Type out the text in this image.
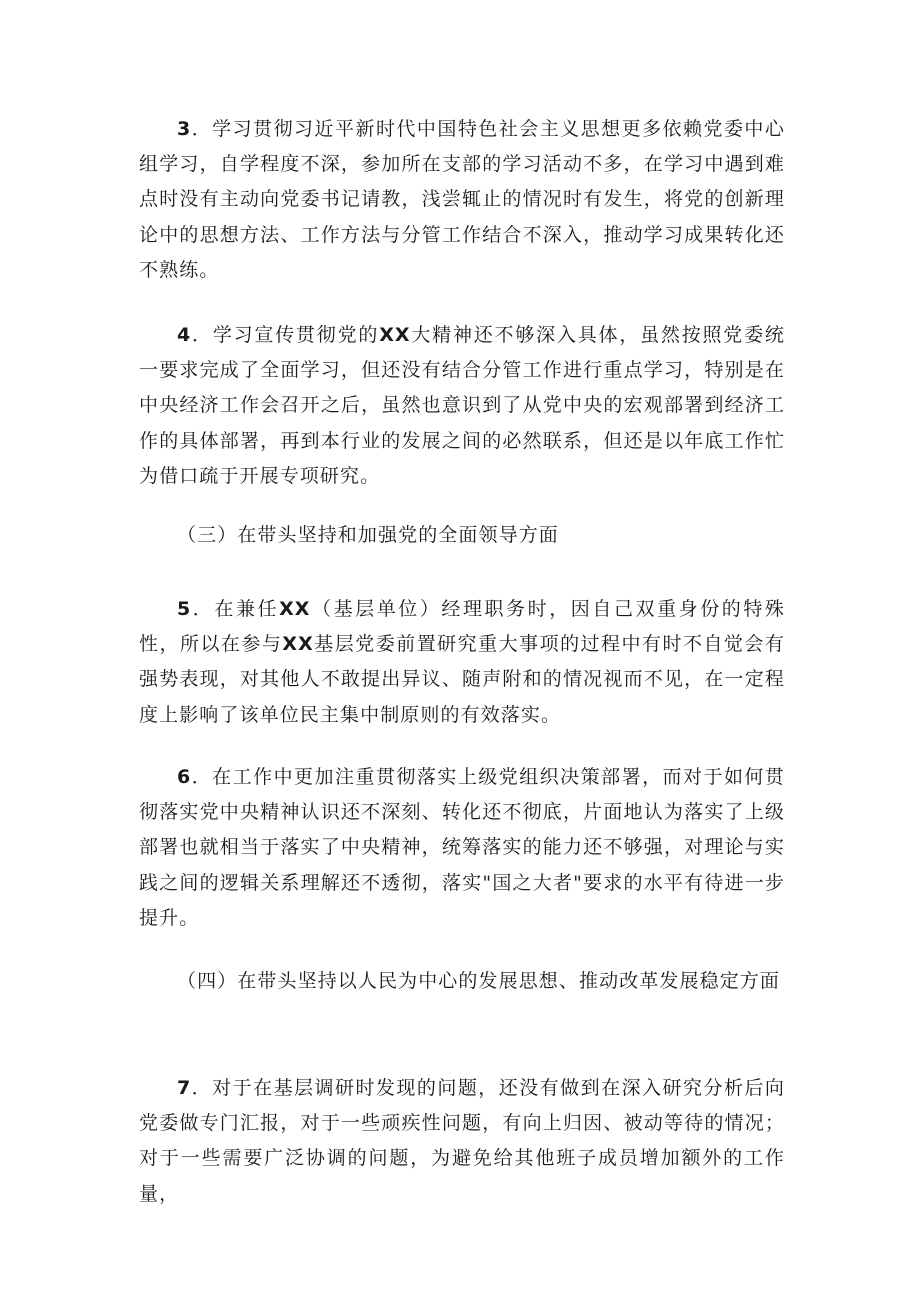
3．学习贯彻习近平新时代中国特色社会主义思想更多依赖党委中心组学习，自学程度不深，参加所在支部的学习活动不多，在学习中遇到难点时没有主动向党委书记请教，浅尝辄止的情况时有发生，将党的创新理论中的思想方法、工作方法与分管工作结合不深入，推动学习成果转化还不熟练。

4．学习宣传贯彻党的XX大精神还不够深入具体，虽然按照党委统一要求完成了全面学习，但还没有结合分管工作进行重点学习，特别是在中央经济工作会召开之后，虽然也意识到了从党中央的宏观部署到经济工作的具体部署，再到本行业的发展之间的必然联系，但还是以年底工作忙为借口疏于开展专项研究。

（三）在带头坚持和加强党的全面领导方面

5．在兼任XX（基层单位）经理职务时，因自己双重身份的特殊性，所以在参与XX基层党委前置研究重大事项的过程中有时不自觉会有强势表现，对其他人不敢提出异议、随声附和的情况视而不见，在一定程度上影响了该单位民主集中制原则的有效落实。

6．在工作中更加注重贯彻落实上级党组织决策部署，而对于如何贯彻落实党中央精神认识还不深刻、转化还不彻底，片面地认为落实了上级部署也就相当于落实了中央精神，统筹落实的能力还不够强，对理论与实践之间的逻辑关系理解还不透彻，落实"国之大者"要求的水平有待进一步提升。

（四）在带头坚持以人民为中心的发展思想、推动改革发展稳定方面

7．对于在基层调研时发现的问题，还没有做到在深入研究分析后向党委做专门汇报，对于一些顽疾性问题，有向上归因、被动等待的情况；对于一些需要广泛协调的问题，为避免给其他班子成员增加额外的工作量，
